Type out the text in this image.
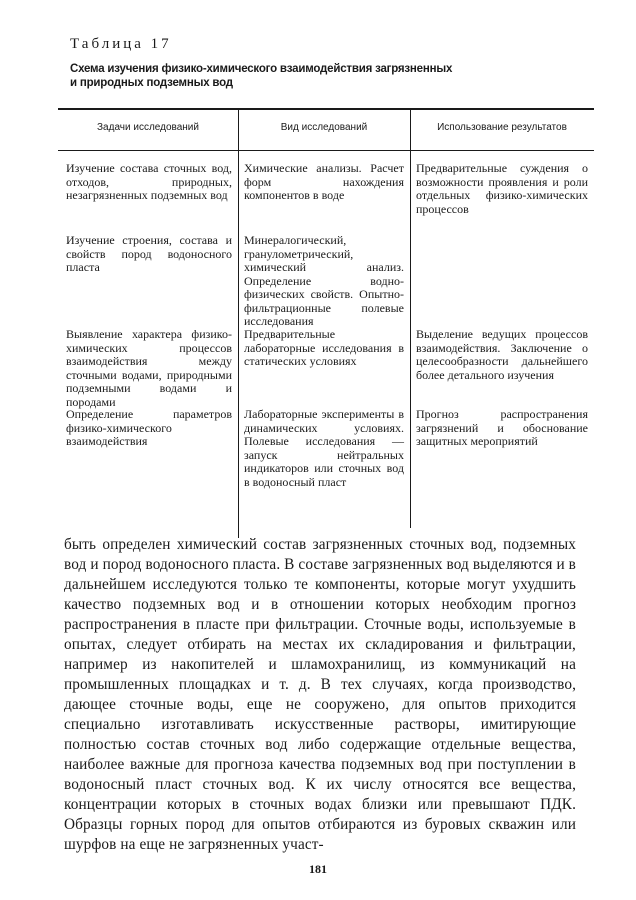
Таблица 17
Схема изучения физико-химического взаимодействия загрязненных
и природных подземных вод
Задачи исследований	Вид исследований	Использование результатов
Изучение состава сточных вод, отходов, природных, незагрязненных подземных вод
Химические анализы. Расчет форм нахождения компонентов в воде
Предварительные суждения о возможности проявления и роли отдельных физико-химических процессов
Изучение строения, состава и свойств пород водоносного пласта
Минералогический, гранулометрический, химический анализ. Определение водно-физических свойств. Опытно-фильтрационные полевые исследования
Выявление характера физико-химических процессов взаимодействия между сточными водами, природными подземными водами и породами
Предварительные лабораторные исследования в статических условиях
Выделение ведущих процессов взаимодействия. Заключение о целесообразности дальнейшего более детального изучения
Определение параметров физико-химического взаимодействия
Лабораторные эксперименты в динамических условиях. Полевые исследования — запуск нейтральных индикаторов или сточных вод в водоносный пласт
Прогноз распространения загрязнений и обоснование защитных мероприятий
быть определен химический состав загрязненных сточных вод, подземных вод и пород водоносного пласта. В составе загрязненных вод выделяются и в дальнейшем исследуются только те компоненты, которые могут ухудшить качество подземных вод и в отношении которых необходим прогноз распространения в пласте при фильтрации. Сточные воды, используемые в опытах, следует отбирать на местах их складирования и фильтрации, например из накопителей и шламохранилищ, из коммуникаций на промышленных площадках и т. д. В тех случаях, когда производство, дающее сточные воды, еще не сооружено, для опытов приходится специально изготавливать искусственные растворы, имитирующие полностью состав сточных вод либо содержащие отдельные вещества, наиболее важные для прогноза качества подземных вод при поступлении в водоносный пласт сточных вод. К их числу относятся все вещества, концентрации которых в сточных водах близки или превышают ПДК. Образцы горных пород для опытов отбираются из буровых скважин или шурфов на еще не загрязненных участ-
181
